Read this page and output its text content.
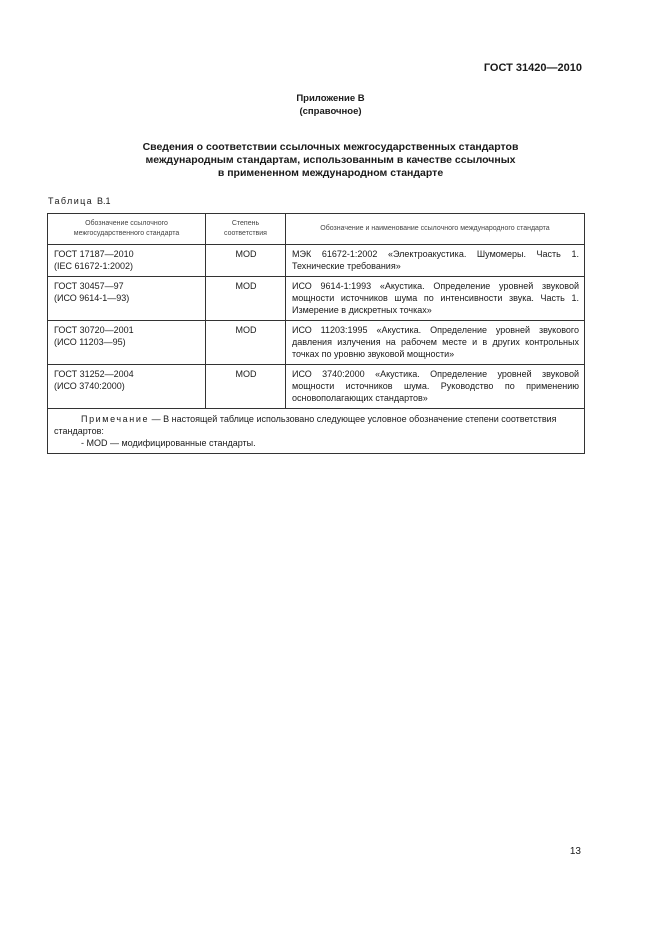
ГОСТ 31420—2010
Приложение В
(справочное)
Сведения о соответствии ссылочных межгосударственных стандартов
международным стандартам, использованным в качестве ссылочных
в примененном международном стандарте
Таблица В.1
Обозначение ссылочного межгосударственного стандарта	Степень соответствия	Обозначение и наименование ссылочного международного стандарта

ГОСТ 17187—2010
(IEC 61672-1:2002)	MOD	МЭК 61672-1:2002 «Электроакустика. Шумомеры. Часть 1. Технические требования»

ГОСТ 30457—97
(ИСО 9614-1—93)	MOD	ИСО 9614-1:1993 «Акустика. Определение уровней звуковой мощности источников шума по интенсивности звука. Часть 1. Измерение в дискретных точках»

ГОСТ 30720—2001
(ИСО 11203—95)	MOD	ИСО 11203:1995 «Акустика. Определение уровней звукового давления излучения на рабочем месте и в других контрольных точках по уровню звуковой мощности»

ГОСТ 31252—2004
(ИСО 3740:2000)	MOD	ИСО 3740:2000 «Акустика. Определение уровней звуковой мощности источников шума. Руководство по применению основополагающих стандартов»
Примечание — В настоящей таблице использовано следующее условное обозначение степени соответствия стандартов:
- MOD — модифицированные стандарты.		
13
